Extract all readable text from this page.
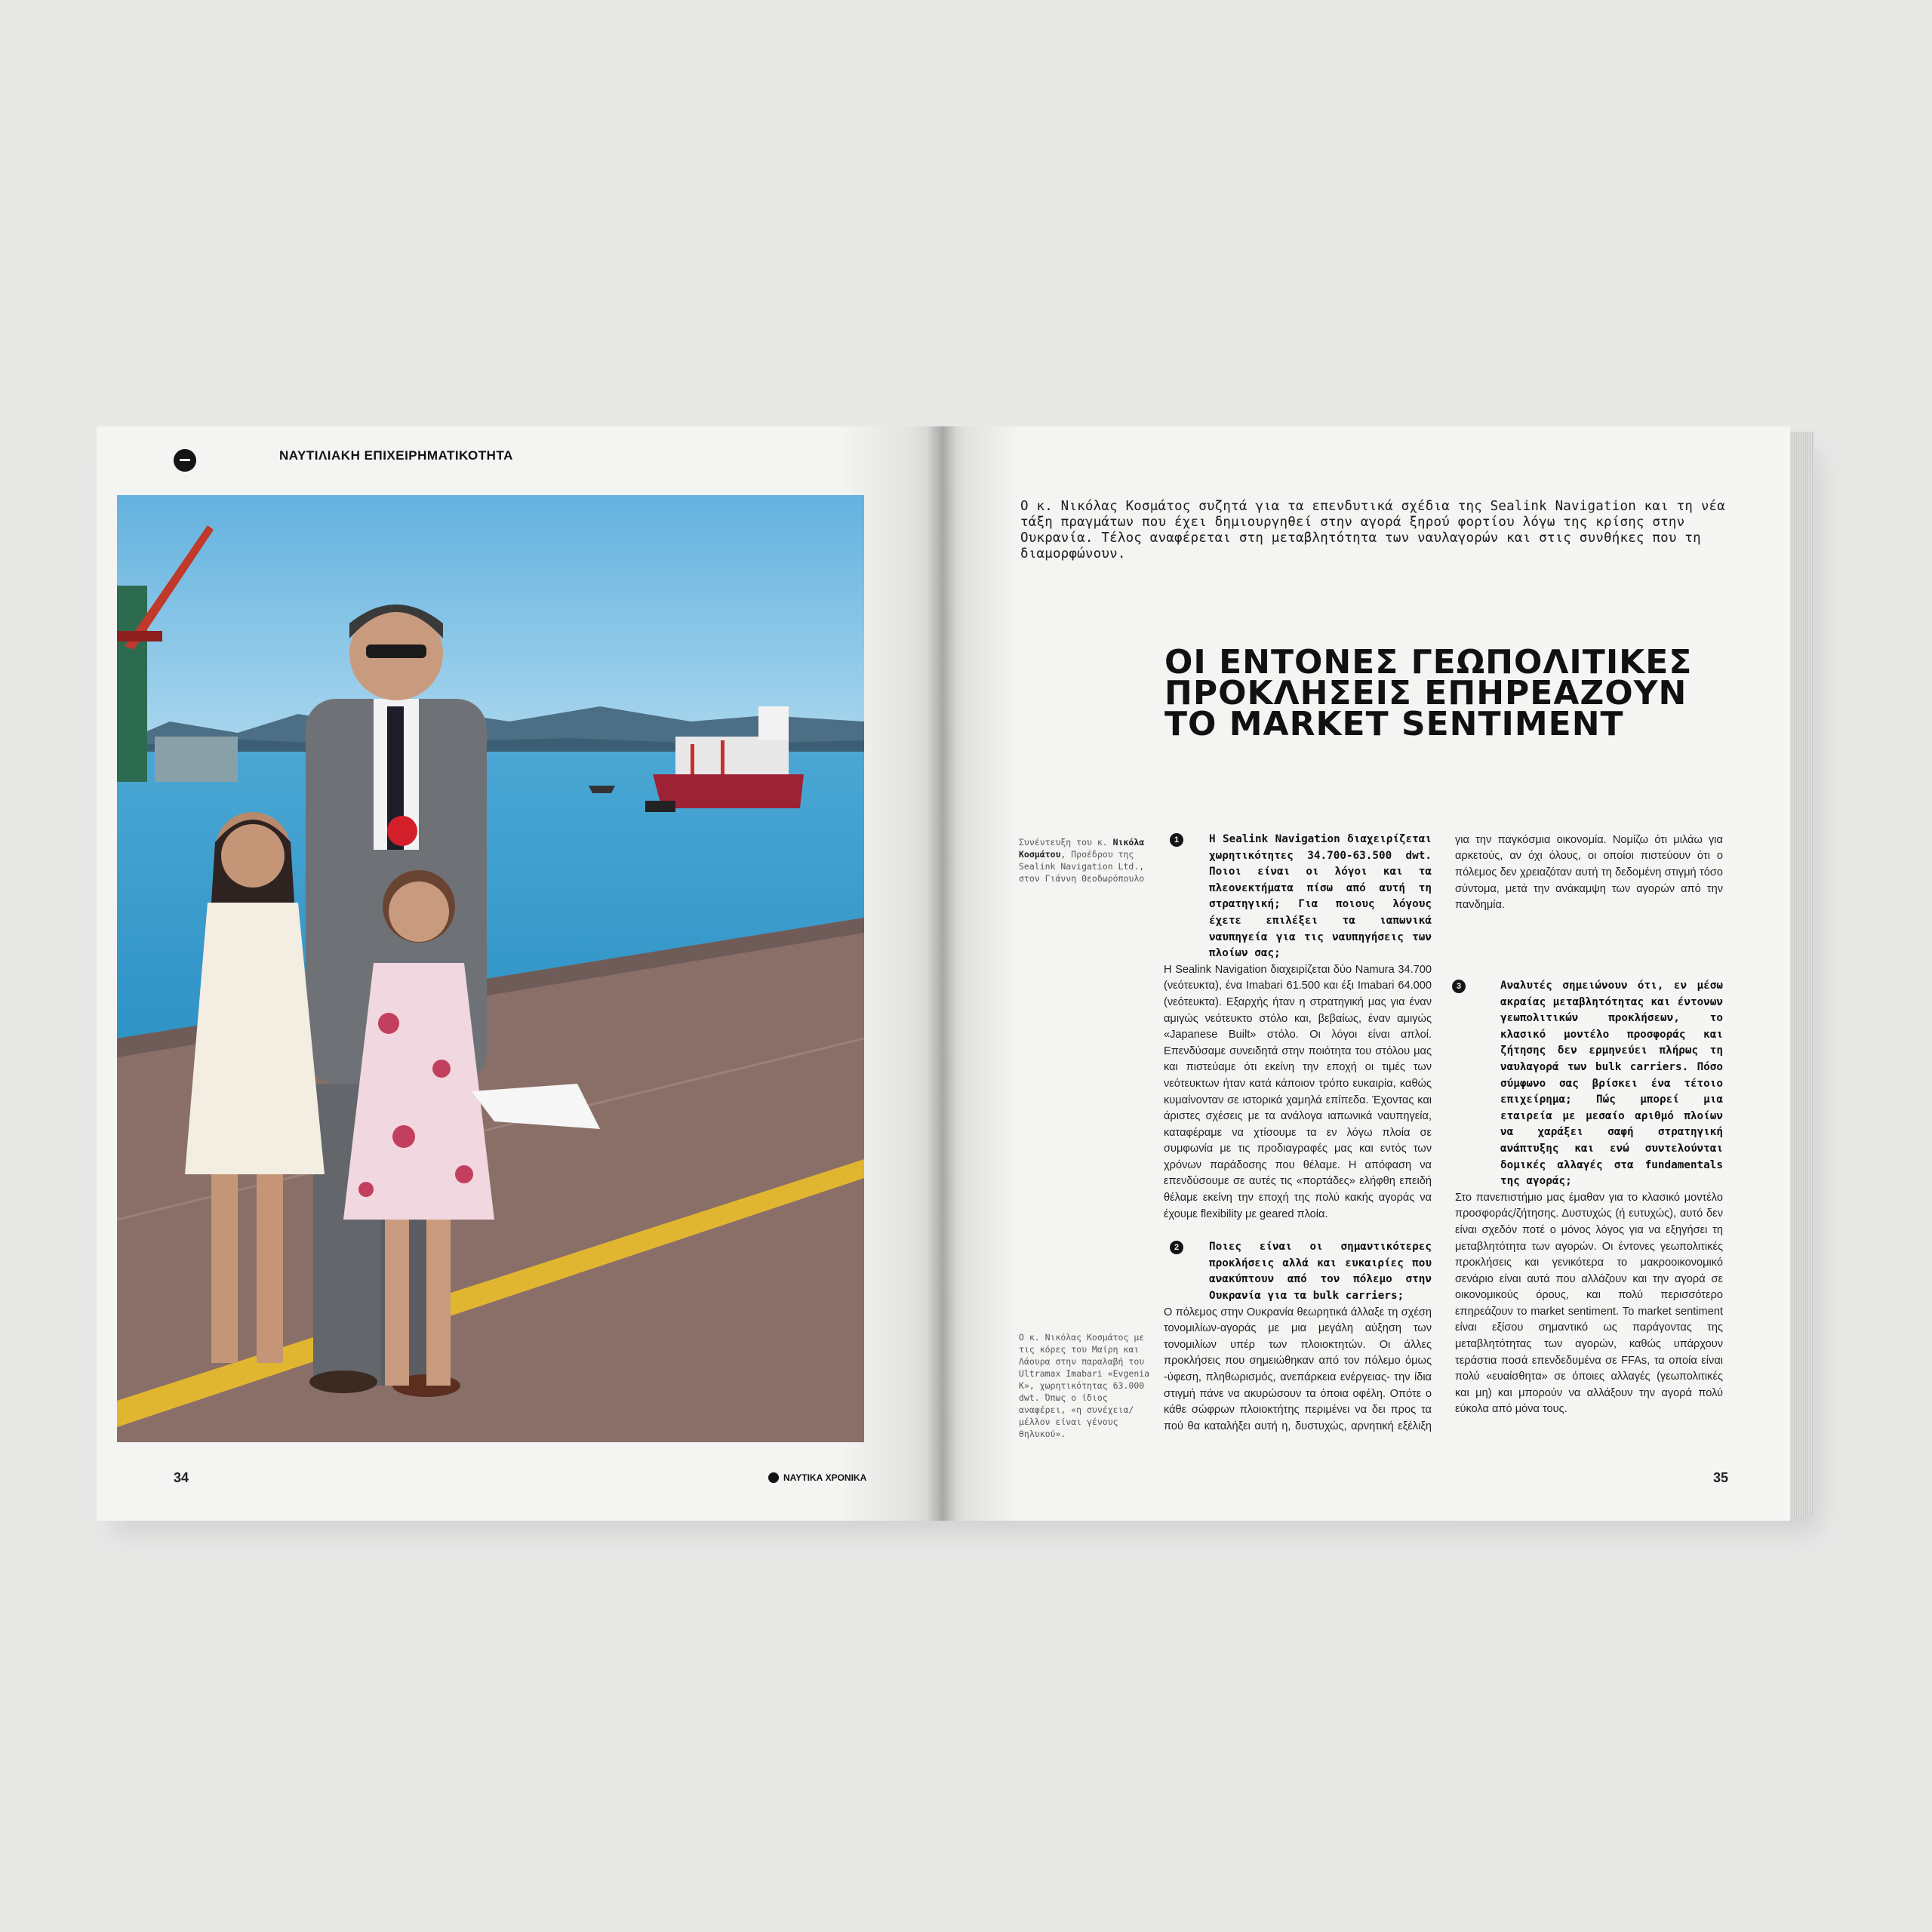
ΝΑΥΤΙΛΙΑΚΗ ΕΠΙΧΕΙΡΗΜΑΤΙΚΟΤΗΤΑ
34	ΝΑΥΤΙΚΑ ΧΡΟΝΙΚΑ
Ο κ. Νικόλας Κοσμάτος συζητά για τα επενδυτικά σχέδια της Sealink Navigation και τη νέα τάξη πραγμάτων που έχει δημιουργηθεί στην αγορά ξηρού φορτίου λόγω της κρίσης στην Ουκρανία. Τέλος αναφέρεται στη μεταβλητότητα των ναυλαγορών και στις συνθήκες που τη διαμορφώνουν.
ΟΙ ΕΝΤΟΝΕΣ ΓΕΩΠΟΛΙΤΙΚΕΣ
ΠΡΟΚΛΗΣΕΙΣ ΕΠΗΡΕΑΖΟΥΝ
ΤΟ MARKET SENTIMENT
Συνέντευξη του κ. Νικόλα Κοσμάτου, Προέδρου της Sealink Navigation Ltd., στον Γιάννη Θεοδωρόπουλο
Ο κ. Νικόλας Κοσμάτος με τις κόρες του Μαίρη και Λάουρα στην παραλαβή του Ultramax Imabari «Evgenia K», χωρητικότητας 63.000 dwt. Όπως ο ίδιος αναφέρει, «η συνέχεια/μέλλον είναι γένους θηλυκού».
1	Η Sealink Navigation διαχειρίζεται χωρητικότητες 34.700-63.500 dwt. Ποιοι είναι οι λόγοι και τα πλεονεκτήματα πίσω από αυτή τη στρατηγική; Για ποιους λόγους έχετε επιλέξει τα ιαπωνικά ναυπηγεία για τις ναυπηγήσεις των πλοίων σας;

Η Sealink Navigation διαχειρίζεται δύο Namura 34.700 (νεότευκτα), ένα Imabari 61.500 και έξι Imabari 64.000 (νεότευκτα). Εξαρχής ήταν η στρατηγική μας για έναν αμιγώς νεότευκτο στόλο και, βεβαίως, έναν αμιγώς «Japanese Built» στόλο. Οι λόγοι είναι απλοί. Επενδύσαμε συνειδητά στην ποιότητα του στόλου μας και πιστεύαμε ότι εκείνη την εποχή οι τιμές των νεότευκτων ήταν κατά κάποιον τρόπο ευκαιρία, καθώς κυμαίνονταν σε ιστορικά χαμηλά επίπεδα. Έχοντας και άριστες σχέσεις με τα ανάλογα ιαπωνικά ναυπηγεία, καταφέραμε να χτίσουμε τα εν λόγω πλοία σε συμφωνία με τις προδιαγραφές μας και εντός των χρόνων παράδοσης που θέλαμε. Η απόφαση να επενδύσουμε σε αυτές τις «πορτάδες» ελήφθη επειδή θέλαμε εκείνη την εποχή της πολύ κακής αγοράς να έχουμε flexibility με geared πλοία.

2	Ποιες είναι οι σημαντικότερες προκλήσεις αλλά και ευκαιρίες που ανακύπτουν από τον πόλεμο στην Ουκρανία για τα bulk carriers;

Ο πόλεμος στην Ουκρανία θεωρητικά άλλαξε τη σχέση τονομιλίων-αγοράς με μια μεγάλη αύξηση των τονομιλίων υπέρ των πλοιοκτητών. Οι άλλες προκλήσεις που σημειώθηκαν από τον πόλεμο όμως -ύφεση, πληθωρισμός, ανεπάρκεια ενέργειας- την ίδια στιγμή πάνε να ακυρώσουν τα όποια οφέλη. Οπότε ο κάθε σώφρων πλοιοκτήτης περιμένει να δει προς τα πού θα καταλήξει αυτή η, δυστυχώς, αρνητική εξέλιξη

για την παγκόσμια οικονομία. Νομίζω ότι μιλάω για αρκετούς, αν όχι όλους, οι οποίοι πιστεύουν ότι ο πόλεμος δεν χρειαζόταν αυτή τη δεδομένη στιγμή τόσο σύντομα, μετά την ανάκαμψη των αγορών από την πανδημία.

3	Αναλυτές σημειώνουν ότι, εν μέσω ακραίας μεταβλητότητας και έντονων γεωπολιτικών προκλήσεων, το κλασικό μοντέλο προσφοράς και ζήτησης δεν ερμηνεύει πλήρως τη ναυλαγορά των bulk carriers. Πόσο σύμφωνο σας βρίσκει ένα τέτοιο επιχείρημα; Πώς μπορεί μια εταιρεία με μεσαίο αριθμό πλοίων να χαράξει σαφή στρατηγική ανάπτυξης και ενώ συντελούνται δομικές αλλαγές στα fundamentals της αγοράς;

Στο πανεπιστήμιο μας έμαθαν για το κλασικό μοντέλο προσφοράς/ζήτησης. Δυστυχώς (ή ευτυχώς), αυτό δεν είναι σχεδόν ποτέ ο μόνος λόγος για να εξηγήσει τη μεταβλητότητα των αγορών. Οι έντονες γεωπολιτικές προκλήσεις και γενικότερα το μακροοικονομικό σενάριο είναι αυτά που αλλάζουν και την αγορά σε οικονομικούς όρους, και πολύ περισσότερο επηρεάζουν το market sentiment. Το market sentiment είναι εξίσου σημαντικό ως παράγοντας της μεταβλητότητας των αγορών, καθώς υπάρχουν τεράστια ποσά επενδεδυμένα σε FFAs, τα οποία είναι πολύ «ευαίσθητα» σε όποιες αλλαγές (γεωπολιτικές και μη) και μπορούν να αλλάξουν την αγορά πολύ εύκολα από μόνα τους.

35
